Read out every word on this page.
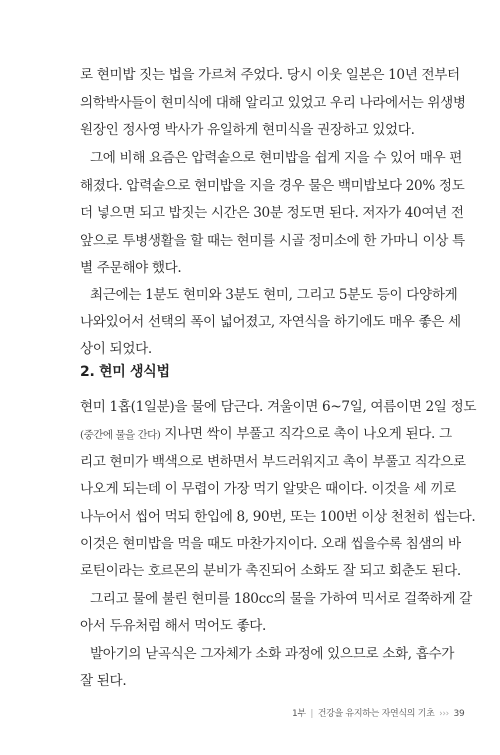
로 현미밥 짓는 법을 가르쳐 주었다. 당시 이웃 일본은 10년 전부터
의학박사들이 현미식에 대해 알리고 있었고 우리 나라에서는 위생병
원장인 정사영 박사가 유일하게 현미식을 권장하고 있었다.
그에 비해 요즘은 압력솥으로 현미밥을 쉽게 지을 수 있어 매우 편
해졌다. 압력솥으로 현미밥을 지을 경우 물은 백미밥보다 20% 정도
더 넣으면 되고 밥짓는 시간은 30분 정도면 된다. 저자가 40여년 전
앞으로 투병생활을 할 때는 현미를 시골 정미소에 한 가마니 이상 특
별 주문해야 했다.
최근에는 1분도 현미와 3분도 현미, 그리고 5분도 등이 다양하게
나와있어서 선택의 폭이 넓어졌고, 자연식을 하기에도 매우 좋은 세
상이 되었다.
2. 현미 생식법
현미 1홉(1일분)을 물에 담근다. 겨울이면 6~7일, 여름이면 2일 정도
(중간에 물을 간다) 지나면 싹이 부풀고 직각으로 촉이 나오게 된다. 그
리고 현미가 백색으로 변하면서 부드러워지고 촉이 부풀고 직각으로
나오게 되는데 이 무렵이 가장 먹기 알맞은 때이다. 이것을 세 끼로
나누어서 씹어 먹되 한입에 8, 90번, 또는 100번 이상 천천히 씹는다.
이것은 현미밥을 먹을 때도 마찬가지이다. 오래 씹을수록 침샘의 바
로틴이라는 호르몬의 분비가 촉진되어 소화도 잘 되고 회춘도 된다.
그리고 물에 불린 현미를 180cc의 물을 가하여 믹서로 걸쭉하게 갈
아서 두유처럼 해서 먹어도 좋다.
발아기의 낟곡식은 그자체가 소화 과정에 있으므로 소화, 흡수가
잘 된다.
1부 | 건강을 유지하는 자연식의 기초 ››› 39
